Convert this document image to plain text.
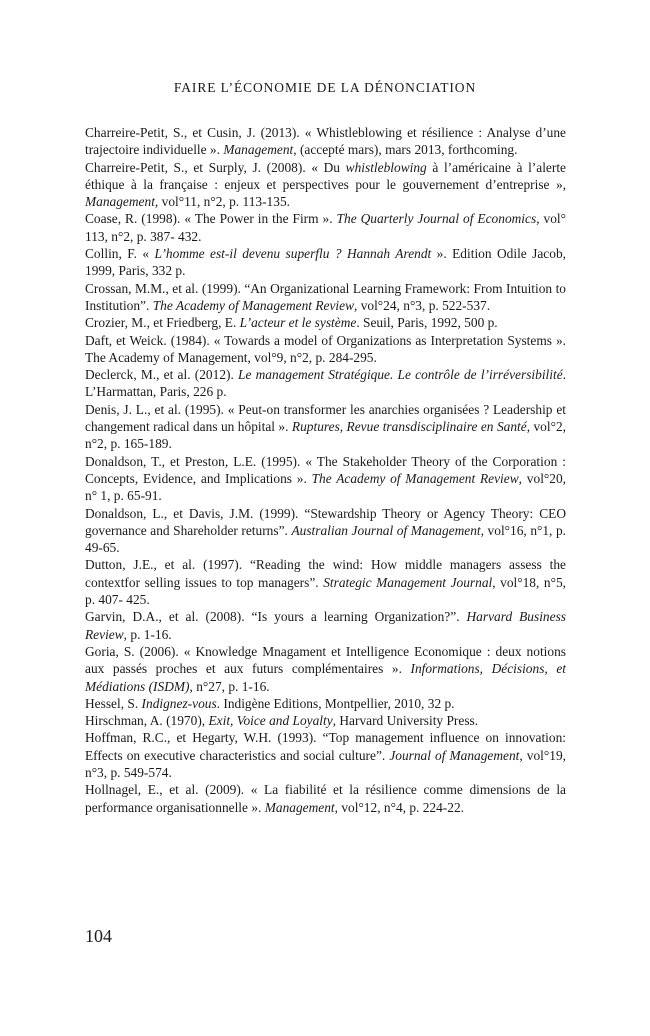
FAIRE L’ÉCONOMIE DE LA DÉNONCIATION
Charreire-Petit, S., et Cusin, J. (2013). « Whistleblowing et résilience : Analyse d’une trajectoire individuelle ». Management, (accepté mars), mars 2013, forthcoming.
Charreire-Petit, S., et Surply, J. (2008). « Du whistleblowing à l’américaine à l’alerte éthique à la française : enjeux et perspectives pour le gouvernement d’entreprise », Management, vol°11, n°2, p. 113-135.
Coase, R. (1998). « The Power in the Firm ». The Quarterly Journal of Economics, vol° 113, n°2, p. 387- 432.
Collin, F. « L’homme est-il devenu superflu ? Hannah Arendt ». Edition Odile Jacob, 1999, Paris, 332 p.
Crossan, M.M., et al. (1999). “An Organizational Learning Framework: From Intuition to Institution”. The Academy of Management Review, vol°24, n°3, p. 522-537.
Crozier, M., et Friedberg, E. L’acteur et le système. Seuil, Paris, 1992, 500 p.
Daft, et Weick. (1984). « Towards a model of Organizations as Interpretation Systems ». The Academy of Management, vol°9, n°2, p. 284-295.
Declerck, M., et al. (2012). Le management Stratégique. Le contrôle de l’irréversibilité. L’Harmattan, Paris, 226 p.
Denis, J. L., et al. (1995). « Peut-on transformer les anarchies organisées ? Leadership et changement radical dans un hôpital ». Ruptures, Revue transdisciplinaire en Santé, vol°2, n°2, p. 165-189.
Donaldson, T., et Preston, L.E. (1995). « The Stakeholder Theory of the Corporation : Concepts, Evidence, and Implications ». The Academy of Management Review, vol°20, n° 1, p. 65-91.
Donaldson, L., et Davis, J.M. (1999). “Stewardship Theory or Agency Theory: CEO governance and Shareholder returns”. Australian Journal of Management, vol°16, n°1, p. 49-65.
Dutton, J.E., et al. (1997). “Reading the wind: How middle managers assess the contextfor selling issues to top managers”. Strategic Management Journal, vol°18, n°5, p. 407- 425.
Garvin, D.A., et al. (2008). “Is yours a learning Organization?”. Harvard Business Review, p. 1-16.
Goria, S. (2006). « Knowledge Mnagament et Intelligence Economique : deux notions aux passés proches et aux futurs complémentaires ». Informations, Décisions, et Médiations (ISDM), n°27, p. 1-16.
Hessel, S. Indignez-vous. Indigène Editions, Montpellier, 2010, 32 p.
Hirschman, A. (1970), Exit, Voice and Loyalty, Harvard University Press.
Hoffman, R.C., et Hegarty, W.H. (1993). “Top management influence on innovation: Effects on executive characteristics and social culture”. Journal of Management, vol°19, n°3, p. 549-574.
Hollnagel, E., et al. (2009). « La fiabilité et la résilience comme dimensions de la performance organisationnelle ». Management, vol°12, n°4, p. 224-22.
104
